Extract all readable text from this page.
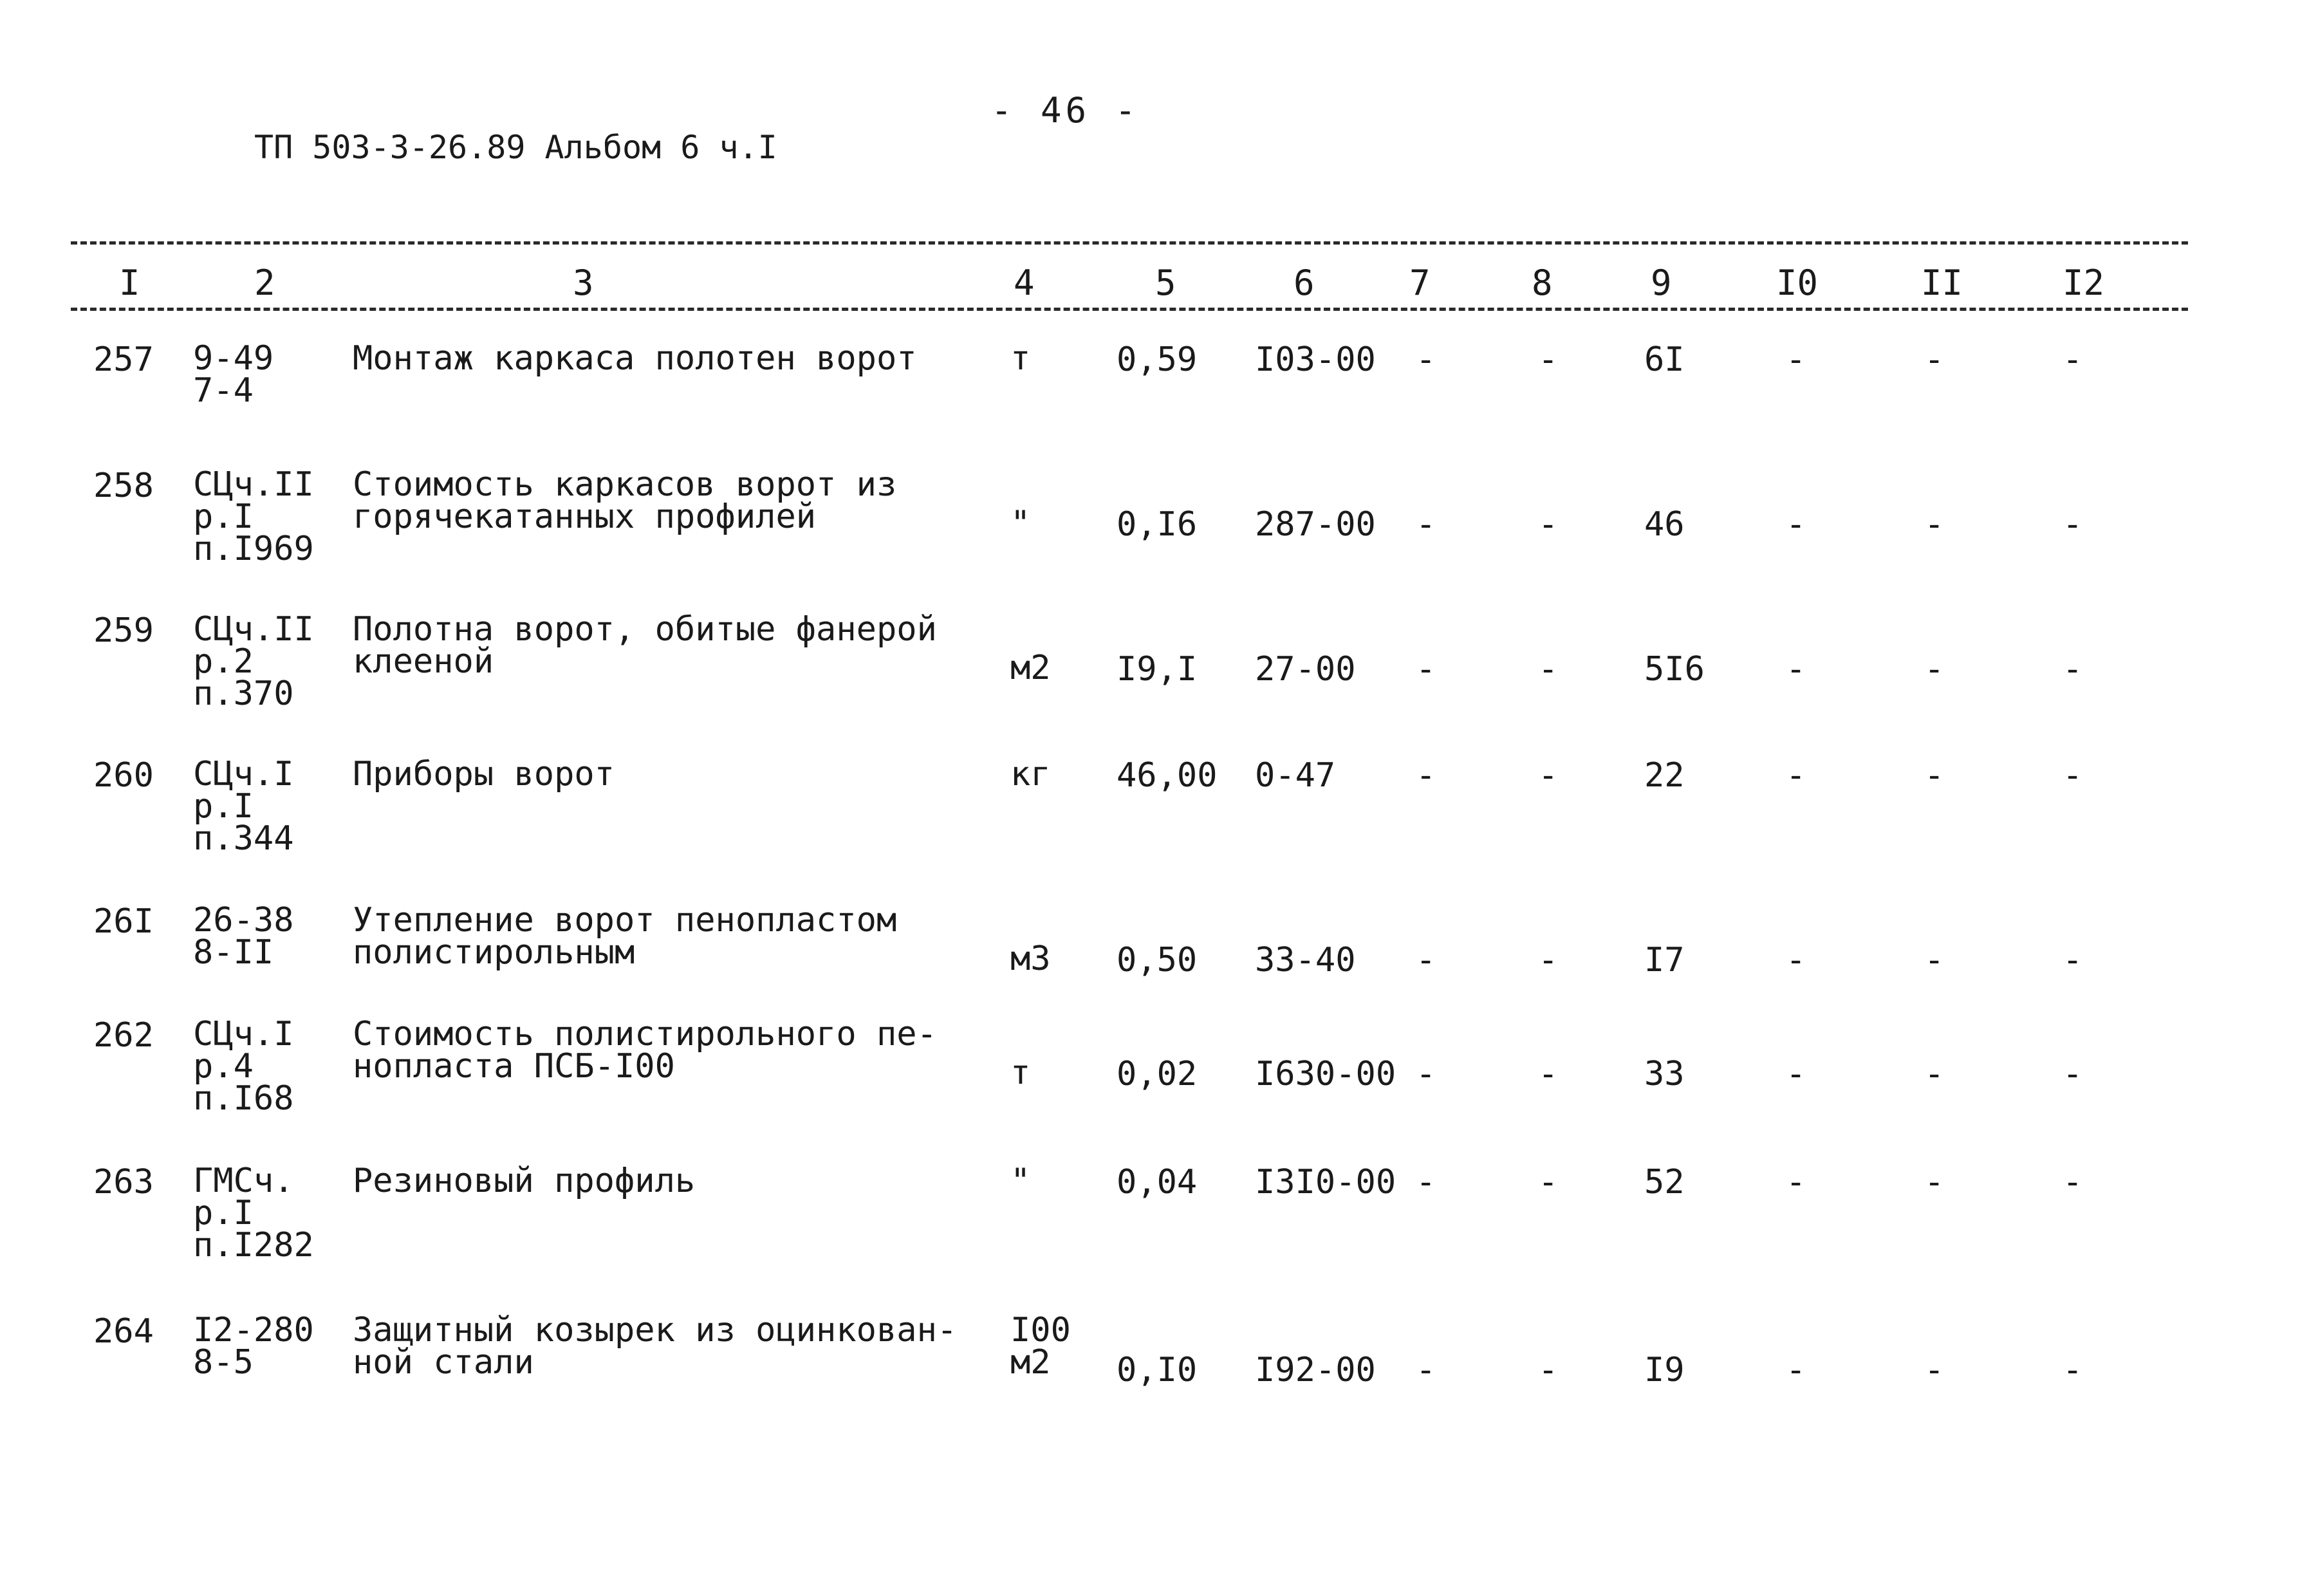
- 46 -
ТП 503-3-26.89 Альбом 6 ч.I
I	2	3	4	5	6	7	8	9	I0	II	I2
257 9-49
7-4
Монтаж каркаса полотен ворот	т	0,59 I03-00 -	-	6I	-	-	-
258 СЦч.II
р.I
п.I969
Стоимость каркасов ворот из
горячекатанных профилей	"	0,I6 287-00 -	-	46	-	-	-
259 СЦч.II
р.2
п.370
Полотна ворот, обитые фанерой
клееной	м2 I9,I 27-00 -	-	5I6 -	-	-
260 СЦч.I
р.I
п.344
Приборы ворот	кг 46,00 0-47 -	-	22	-	-	-
26I 26-38
8-II
Утепление ворот пенопластом
полистирольным	м3 0,50 33-40 -	-	I7	-	-	-
262 СЦч.I
р.4
п.I68
Стоимость полистирольного пе-
нопласта ПСБ-I00	т	0,02 I630-00 -	-	33	-	-	-
263 ГМСч.
р.I
п.I282
Резиновый профиль	"	0,04 I3I0-00 -	-	52	-	-	-
264 I2-280
8-5
Защитный козырек из оцинкован-
ной стали
I00
м2 0,I0 I92-00 -	-	I9	-	-	-
